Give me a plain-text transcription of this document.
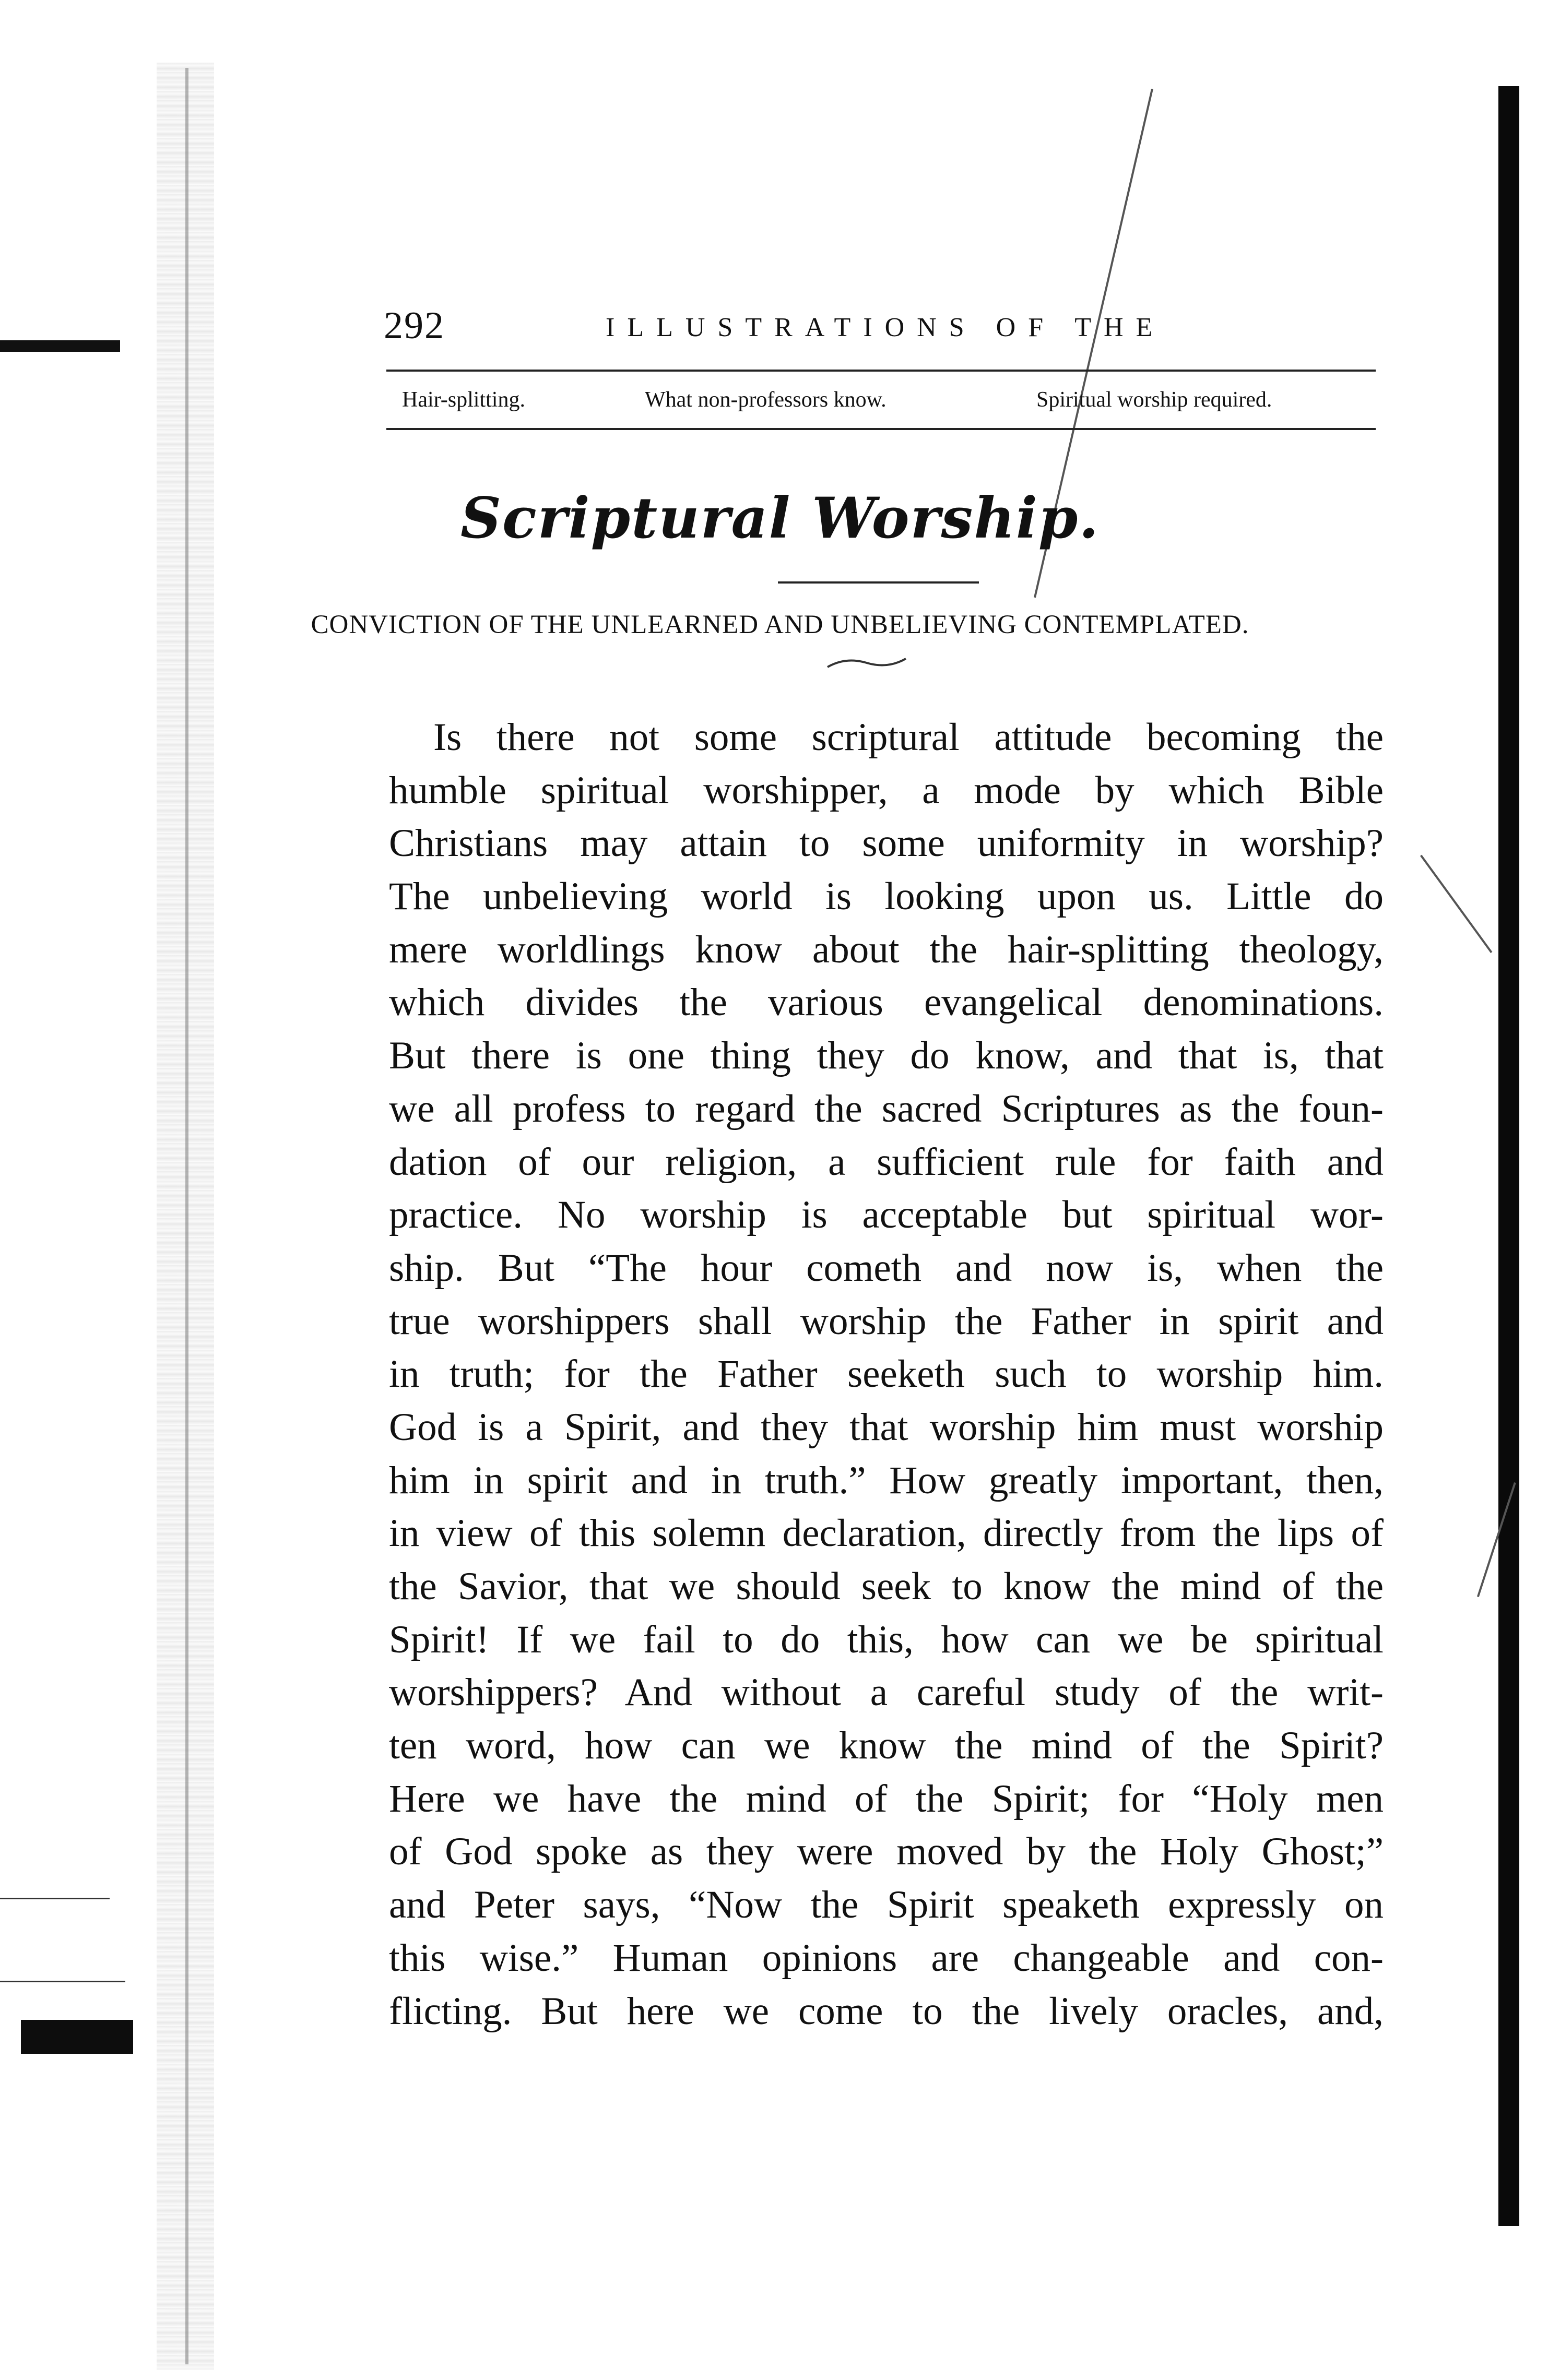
292	ILLUSTRATIONS OF THE
Hair-splitting.	What non-professors know.	Spiritual worship required.
Scriptural Worship.
CONVICTION OF THE UNLEARNED AND UNBELIEVING CONTEMPLATED.
Is there not some scriptural attitude becoming the
humble spiritual worshipper, a mode by which Bible
Christians may attain to some uniformity in worship?
The unbelieving world is looking upon us. Little do
mere worldlings know about the hair-splitting theology,
which divides the various evangelical denominations.
But there is one thing they do know, and that is, that
we all profess to regard the sacred Scriptures as the foun-
dation of our religion, a sufficient rule for faith and
practice. No worship is acceptable but spiritual wor-
ship. But “The hour cometh and now is, when the
true worshippers shall worship the Father in spirit and
in truth; for the Father seeketh such to worship him.
God is a Spirit, and they that worship him must worship
him in spirit and in truth.” How greatly important, then,
in view of this solemn declaration, directly from the lips of
the Savior, that we should seek to know the mind of the
Spirit! If we fail to do this, how can we be spiritual
worshippers? And without a careful study of the writ-
ten word, how can we know the mind of the Spirit?
Here we have the mind of the Spirit; for “Holy men
of God spoke as they were moved by the Holy Ghost;”
and Peter says, “Now the Spirit speaketh expressly on
this wise.” Human opinions are changeable and con-
flicting. But here we come to the lively oracles, and,
